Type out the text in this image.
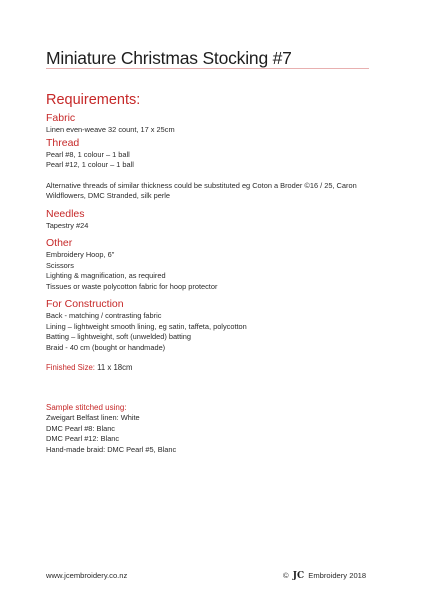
Miniature Christmas Stocking #7
Requirements:
Fabric
Linen even-weave 32 count, 17 x 25cm
Thread
Pearl #8, 1 colour – 1 ball
Pearl #12, 1 colour – 1 ball
Alternative threads of similar thickness could be substituted eg Coton a Broder ©16 / 25, Caron
Wildflowers, DMC Stranded, silk perle
Needles
Tapestry #24
Other
Embroidery Hoop, 6"
Scissors
Lighting & magnification, as required
Tissues or waste polycotton fabric for hoop protector
For Construction
Back - matching / contrasting fabric
Lining – lightweight smooth lining, eg satin, taffeta, polycotton
Batting – lightweight, soft (unwelded) batting
Braid - 40 cm (bought or handmade)
Finished Size: 11 x 18cm
Sample stitched using:
Zweigart Belfast linen: White
DMC Pearl #8: Blanc
DMC Pearl #12: Blanc
Hand-made braid: DMC Pearl #5, Blanc
www.jcembroidery.co.nz	© JC Embroidery 2018
